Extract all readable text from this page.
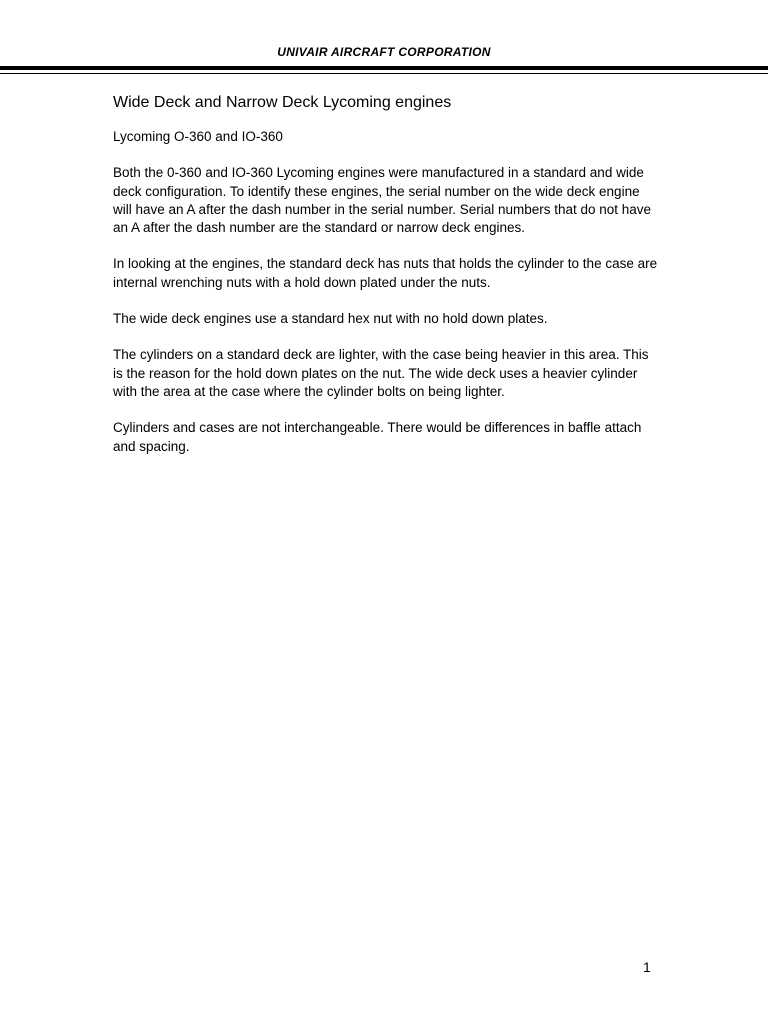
UNIVAIR AIRCRAFT CORPORATION
Wide Deck and Narrow Deck Lycoming engines
Lycoming O-360 and IO-360
Both the 0-360 and IO-360 Lycoming engines were manufactured in a standard and wide deck configuration. To identify these engines, the serial number on the wide deck engine will have an A after the dash number in the serial number. Serial numbers that do not have an A after the dash number are the standard or narrow deck engines.
In looking at the engines, the standard deck has nuts that holds the cylinder to the case are internal wrenching nuts with a hold down plated under the nuts.
The wide deck engines use a standard hex nut with no hold down plates.
The cylinders on a standard deck are lighter, with the case being heavier in this area. This is the reason for the hold down plates on the nut. The wide deck uses a heavier cylinder with the area at the case where the cylinder bolts on being lighter.
Cylinders and cases are not interchangeable. There would be differences in baffle attach and spacing.
1
